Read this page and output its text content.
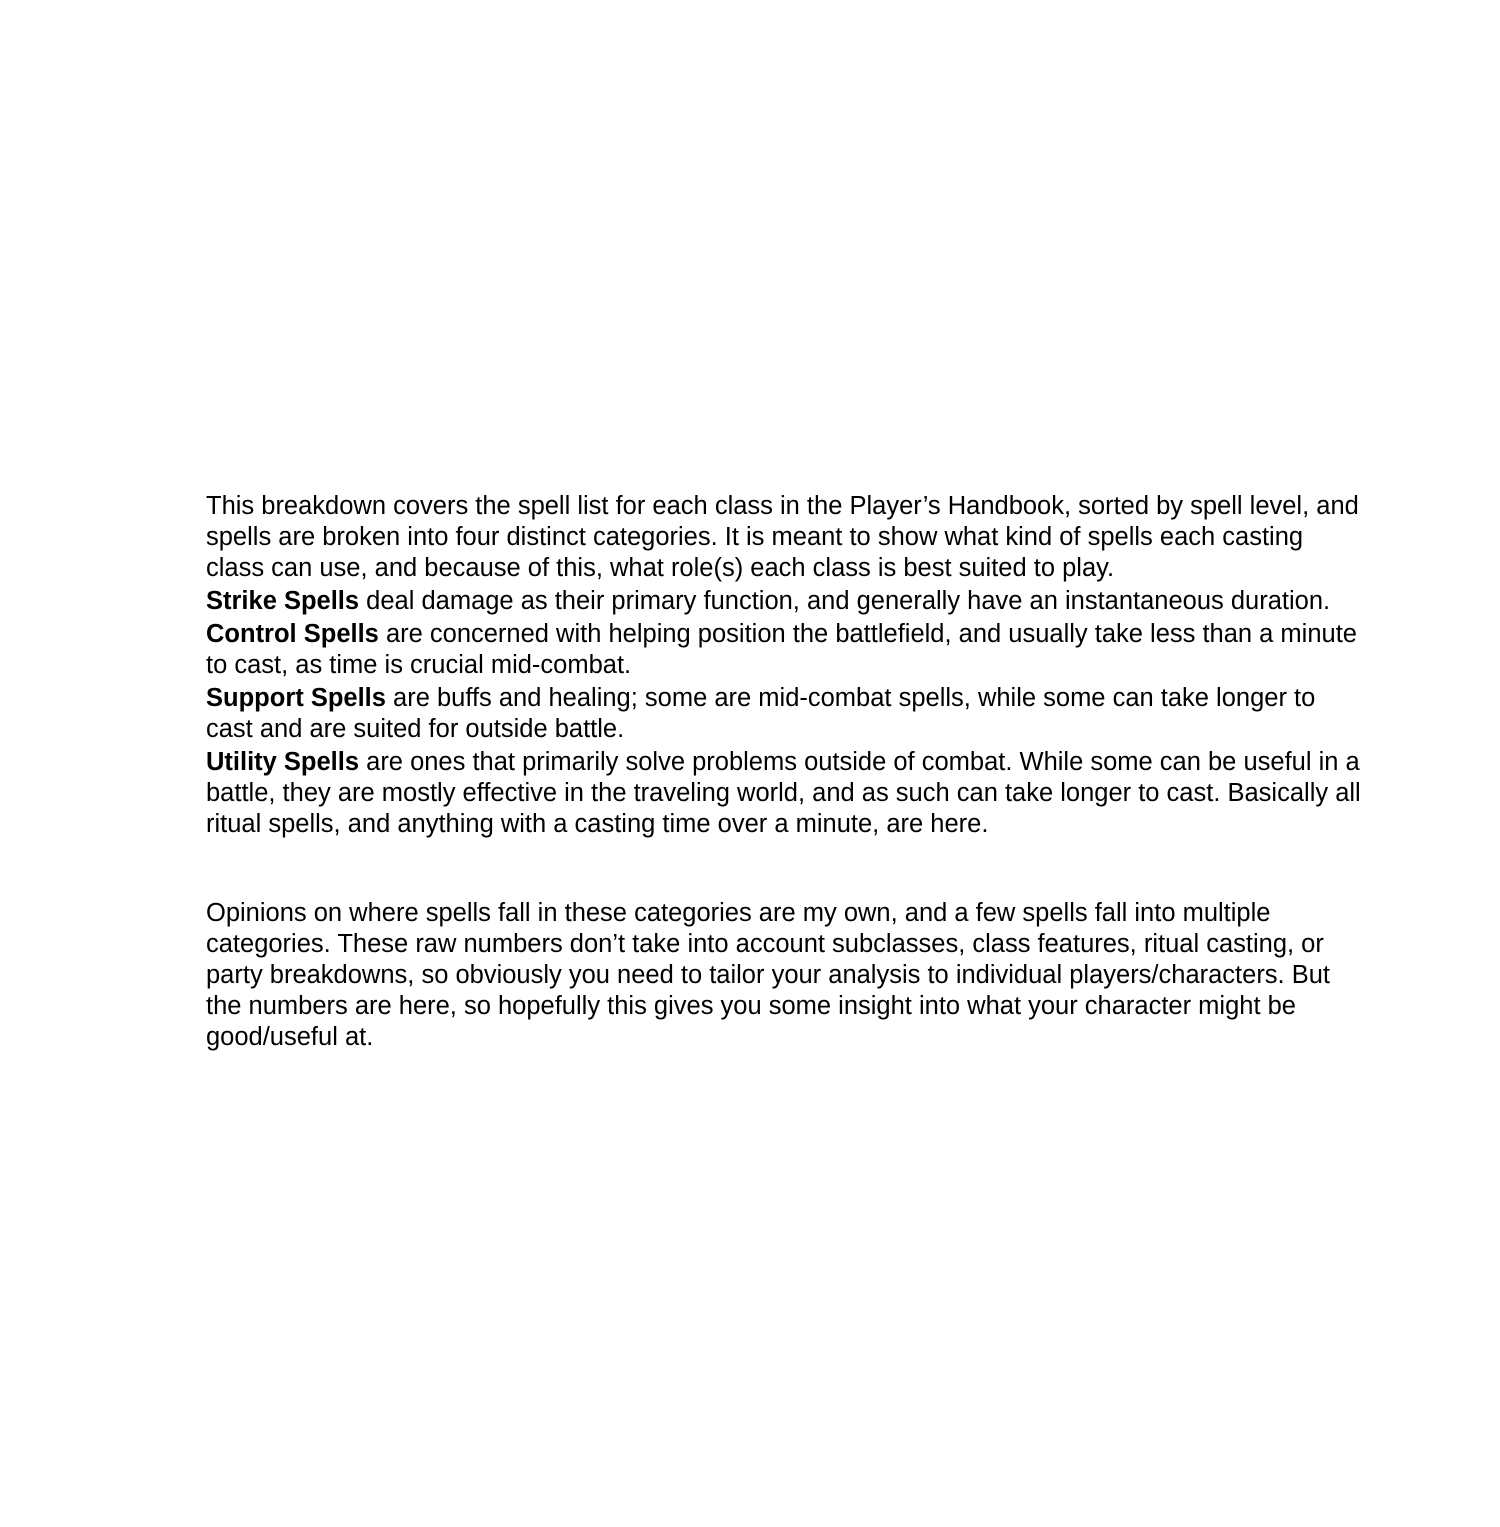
This breakdown covers the spell list for each class in the Player’s Handbook, sorted by spell level, and spells are broken into four distinct categories. It is meant to show what kind of spells each casting class can use, and because of this, what role(s) each class is best suited to play.

Strike Spells deal damage as their primary function, and generally have an instantaneous duration.

Control Spells are concerned with helping position the battlefield, and usually take less than a minute to cast, as time is crucial mid-combat.

Support Spells are buffs and healing; some are mid-combat spells, while some can take longer to cast and are suited for outside battle.

Utility Spells are ones that primarily solve problems outside of combat. While some can be useful in a battle, they are mostly effective in the traveling world, and as such can take longer to cast. Basically all ritual spells, and anything with a casting time over a minute, are here.

Opinions on where spells fall in these categories are my own, and a few spells fall into multiple categories. These raw numbers don’t take into account subclasses, class features, ritual casting, or party breakdowns, so obviously you need to tailor your analysis to individual players/characters. But the numbers are here, so hopefully this gives you some insight into what your character might be good/useful at.
